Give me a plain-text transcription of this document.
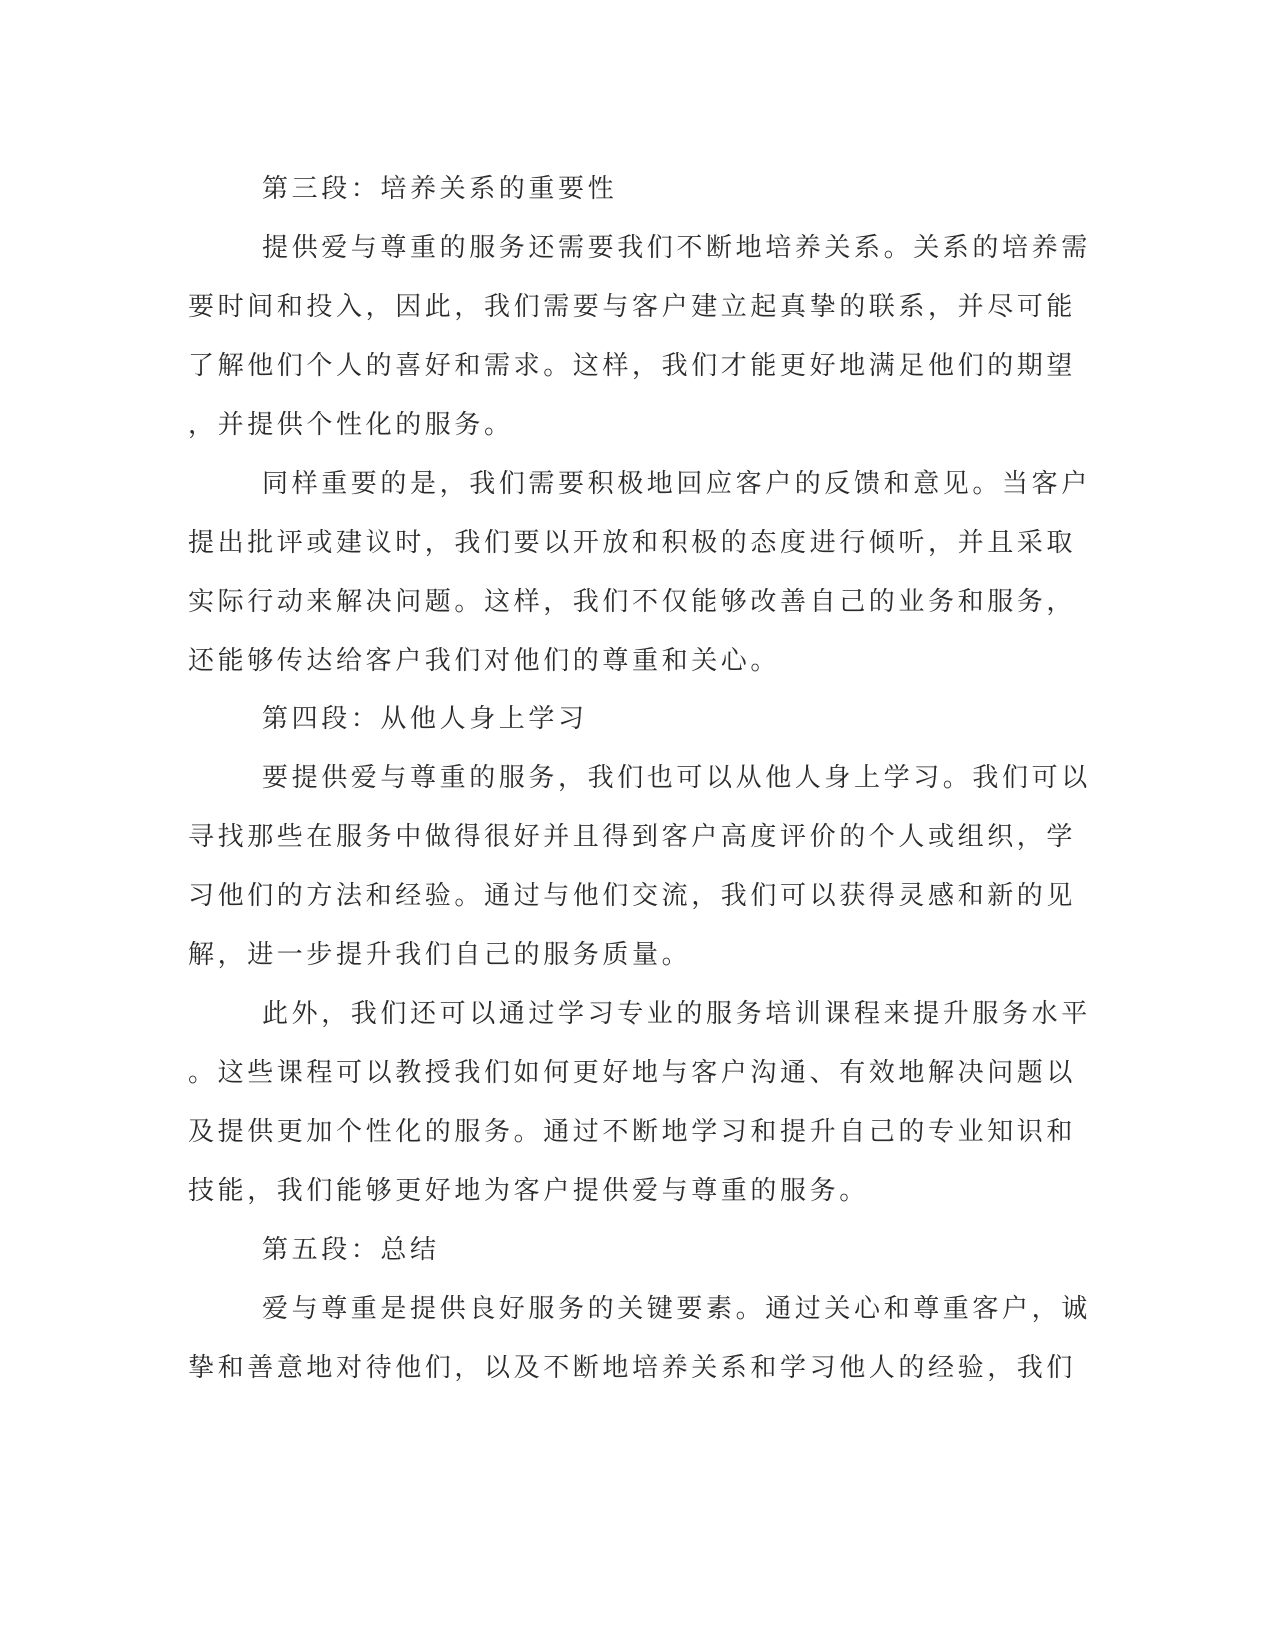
第三段：培养关系的重要性
提供爱与尊重的服务还需要我们不断地培养关系。关系的培养需
要时间和投入，因此，我们需要与客户建立起真挚的联系，并尽可能
了解他们个人的喜好和需求。这样，我们才能更好地满足他们的期望
，并提供个性化的服务。
同样重要的是，我们需要积极地回应客户的反馈和意见。当客户
提出批评或建议时，我们要以开放和积极的态度进行倾听，并且采取
实际行动来解决问题。这样，我们不仅能够改善自己的业务和服务，
还能够传达给客户我们对他们的尊重和关心。
第四段：从他人身上学习
要提供爱与尊重的服务，我们也可以从他人身上学习。我们可以
寻找那些在服务中做得很好并且得到客户高度评价的个人或组织，学
习他们的方法和经验。通过与他们交流，我们可以获得灵感和新的见
解，进一步提升我们自己的服务质量。
此外，我们还可以通过学习专业的服务培训课程来提升服务水平
。这些课程可以教授我们如何更好地与客户沟通、有效地解决问题以
及提供更加个性化的服务。通过不断地学习和提升自己的专业知识和
技能，我们能够更好地为客户提供爱与尊重的服务。
第五段：总结
爱与尊重是提供良好服务的关键要素。通过关心和尊重客户，诚
挚和善意地对待他们，以及不断地培养关系和学习他人的经验，我们
